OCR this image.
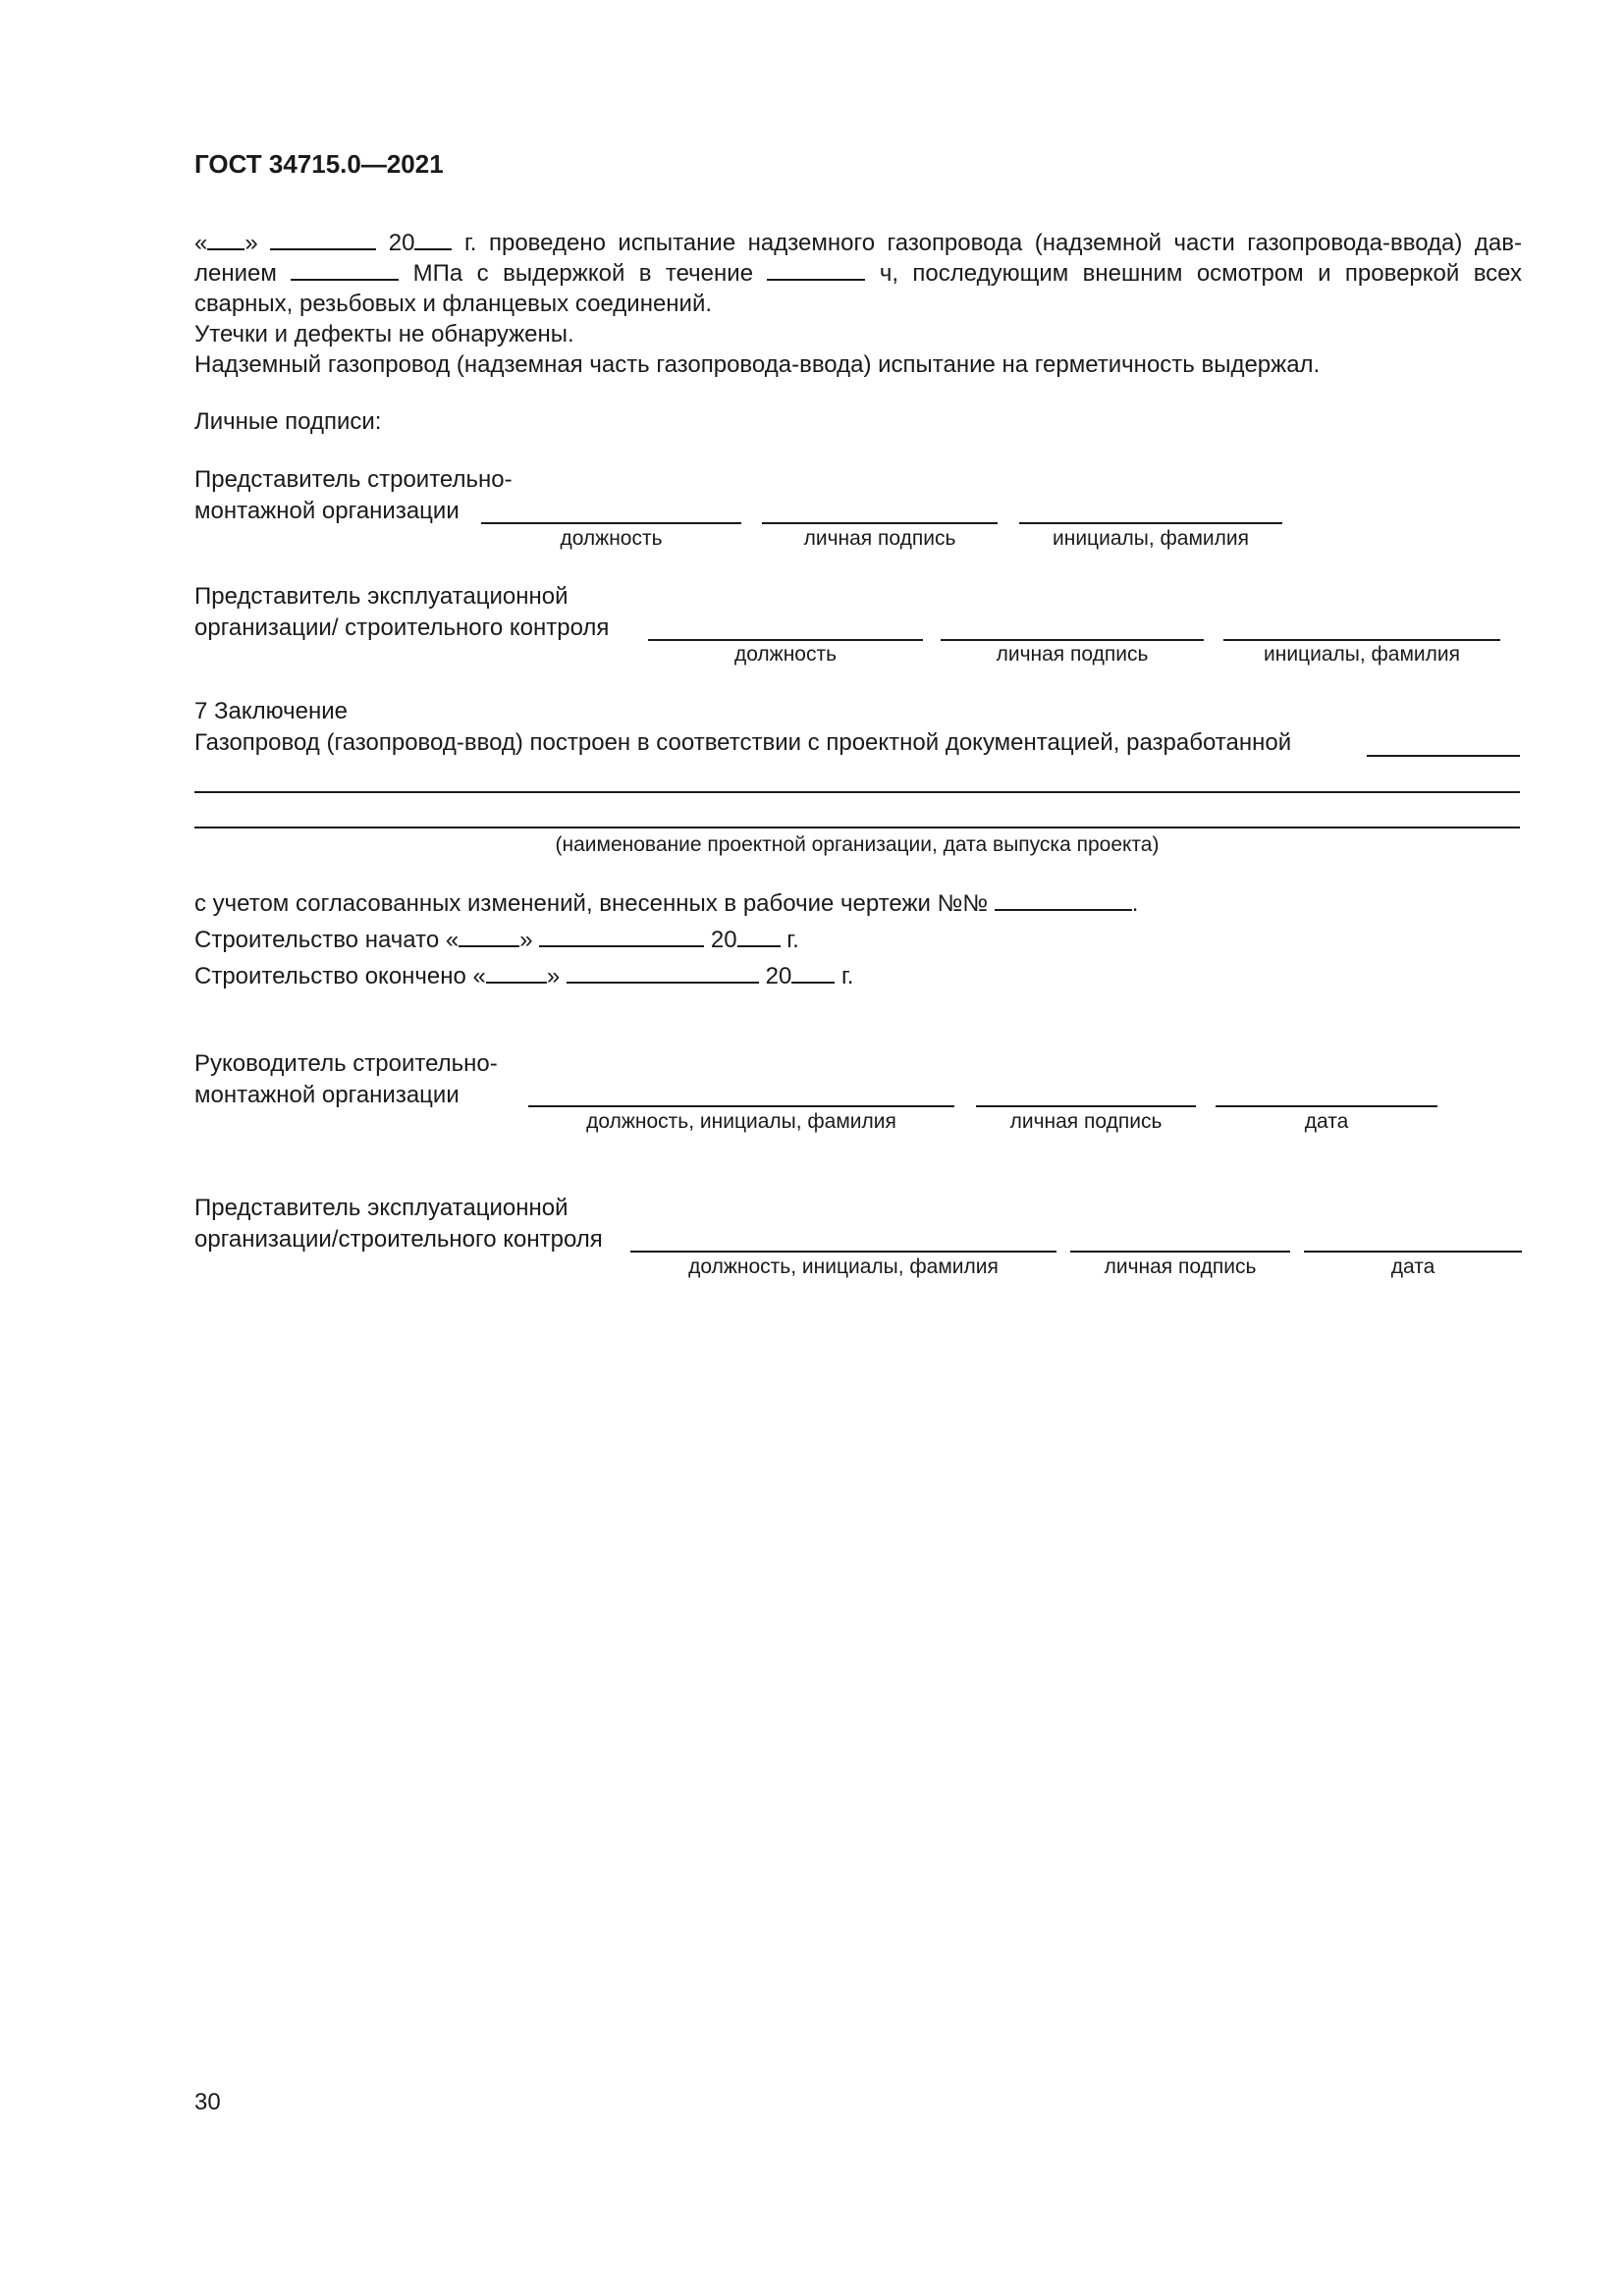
ГОСТ 34715.0—2021
« »	20 г. проведено испытание надземного газопровода (надземной части газопровода-ввода) дав-
лением	МПа с выдержкой в течение	ч, последующим внешним осмотром и проверкой всех
сварных, резьбовых и фланцевых соединений.
Утечки и дефекты не обнаружены.
Надземный газопровод (надземная часть газопровода-ввода) испытание на герметичность выдержал.
Личные подписи:
Представитель строительно-
монтажной организации
должность	личная подпись	инициалы, фамилия
Представитель эксплуатационной
организации/ строительного контроля
должность	личная подпись	инициалы, фамилия
7 Заключение
Газопровод (газопровод-ввод) построен в соответствии с проектной документацией, разработанной
(наименование проектной организации, дата выпуска проекта)
с учетом согласованных изменений, внесенных в рабочие чертежи №№	.
Строительство начато «	»	20 г.
Строительство окончено «	»	20 г.
Руководитель строительно-
монтажной организации
должность, инициалы, фамилия	личная подпись	дата
Представитель эксплуатационной
организации/строительного контроля
должность, инициалы, фамилия	личная подпись	дата
30
